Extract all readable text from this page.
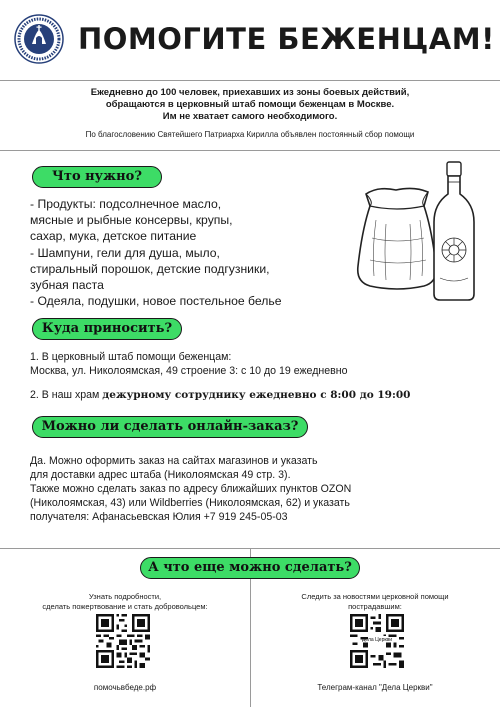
ПОМОГИТЕ БЕЖЕНЦАМ!
Ежедневно до 100 человек, приехавших из зоны боевых действий,
обращаются в церковный штаб помощи беженцам в Москве.
Им не хватает самого необходимого.
По благословению Святейшего Патриарха Кирилла объявлен постоянный сбор помощи
Что нужно?
- Продукты: подсолнечное масло,
мясные и рыбные консервы, крупы,
сахар, мука, детское питание
- Шампуни, гели для душа, мыло,
стиральный порошок, детские подгузники,
зубная паста
- Одеяла, подушки, новое постельное белье
Куда приносить?
1. В церковный штаб помощи беженцам:
Москва, ул. Николоямская, 49 строение 3: с 10 до 19 ежедневно
2. В наш храм дежурному сотруднику ежедневно с 8:00 до 19:00
Можно ли сделать онлайн-заказ?
Да. Можно оформить заказ на сайтах магазинов и указать
для доставки адрес штаба (Николоямская 49 стр. 3).
Также можно сделать заказ по адресу ближайших пунктов OZON
(Николоямская, 43) или Wildberries (Николоямская, 62) и указать
получателя: Афанасьевская Юлия +7 919 245-05-03
А что еще можно сделать?
Узнать подробности,
сделать пожертвование и стать добровольцем:
помочьвбеде.рф
Следить за новостями церковной помощи
пострадавшим:
Дела Церкви
Телеграм-канал "Дела Церкви"
